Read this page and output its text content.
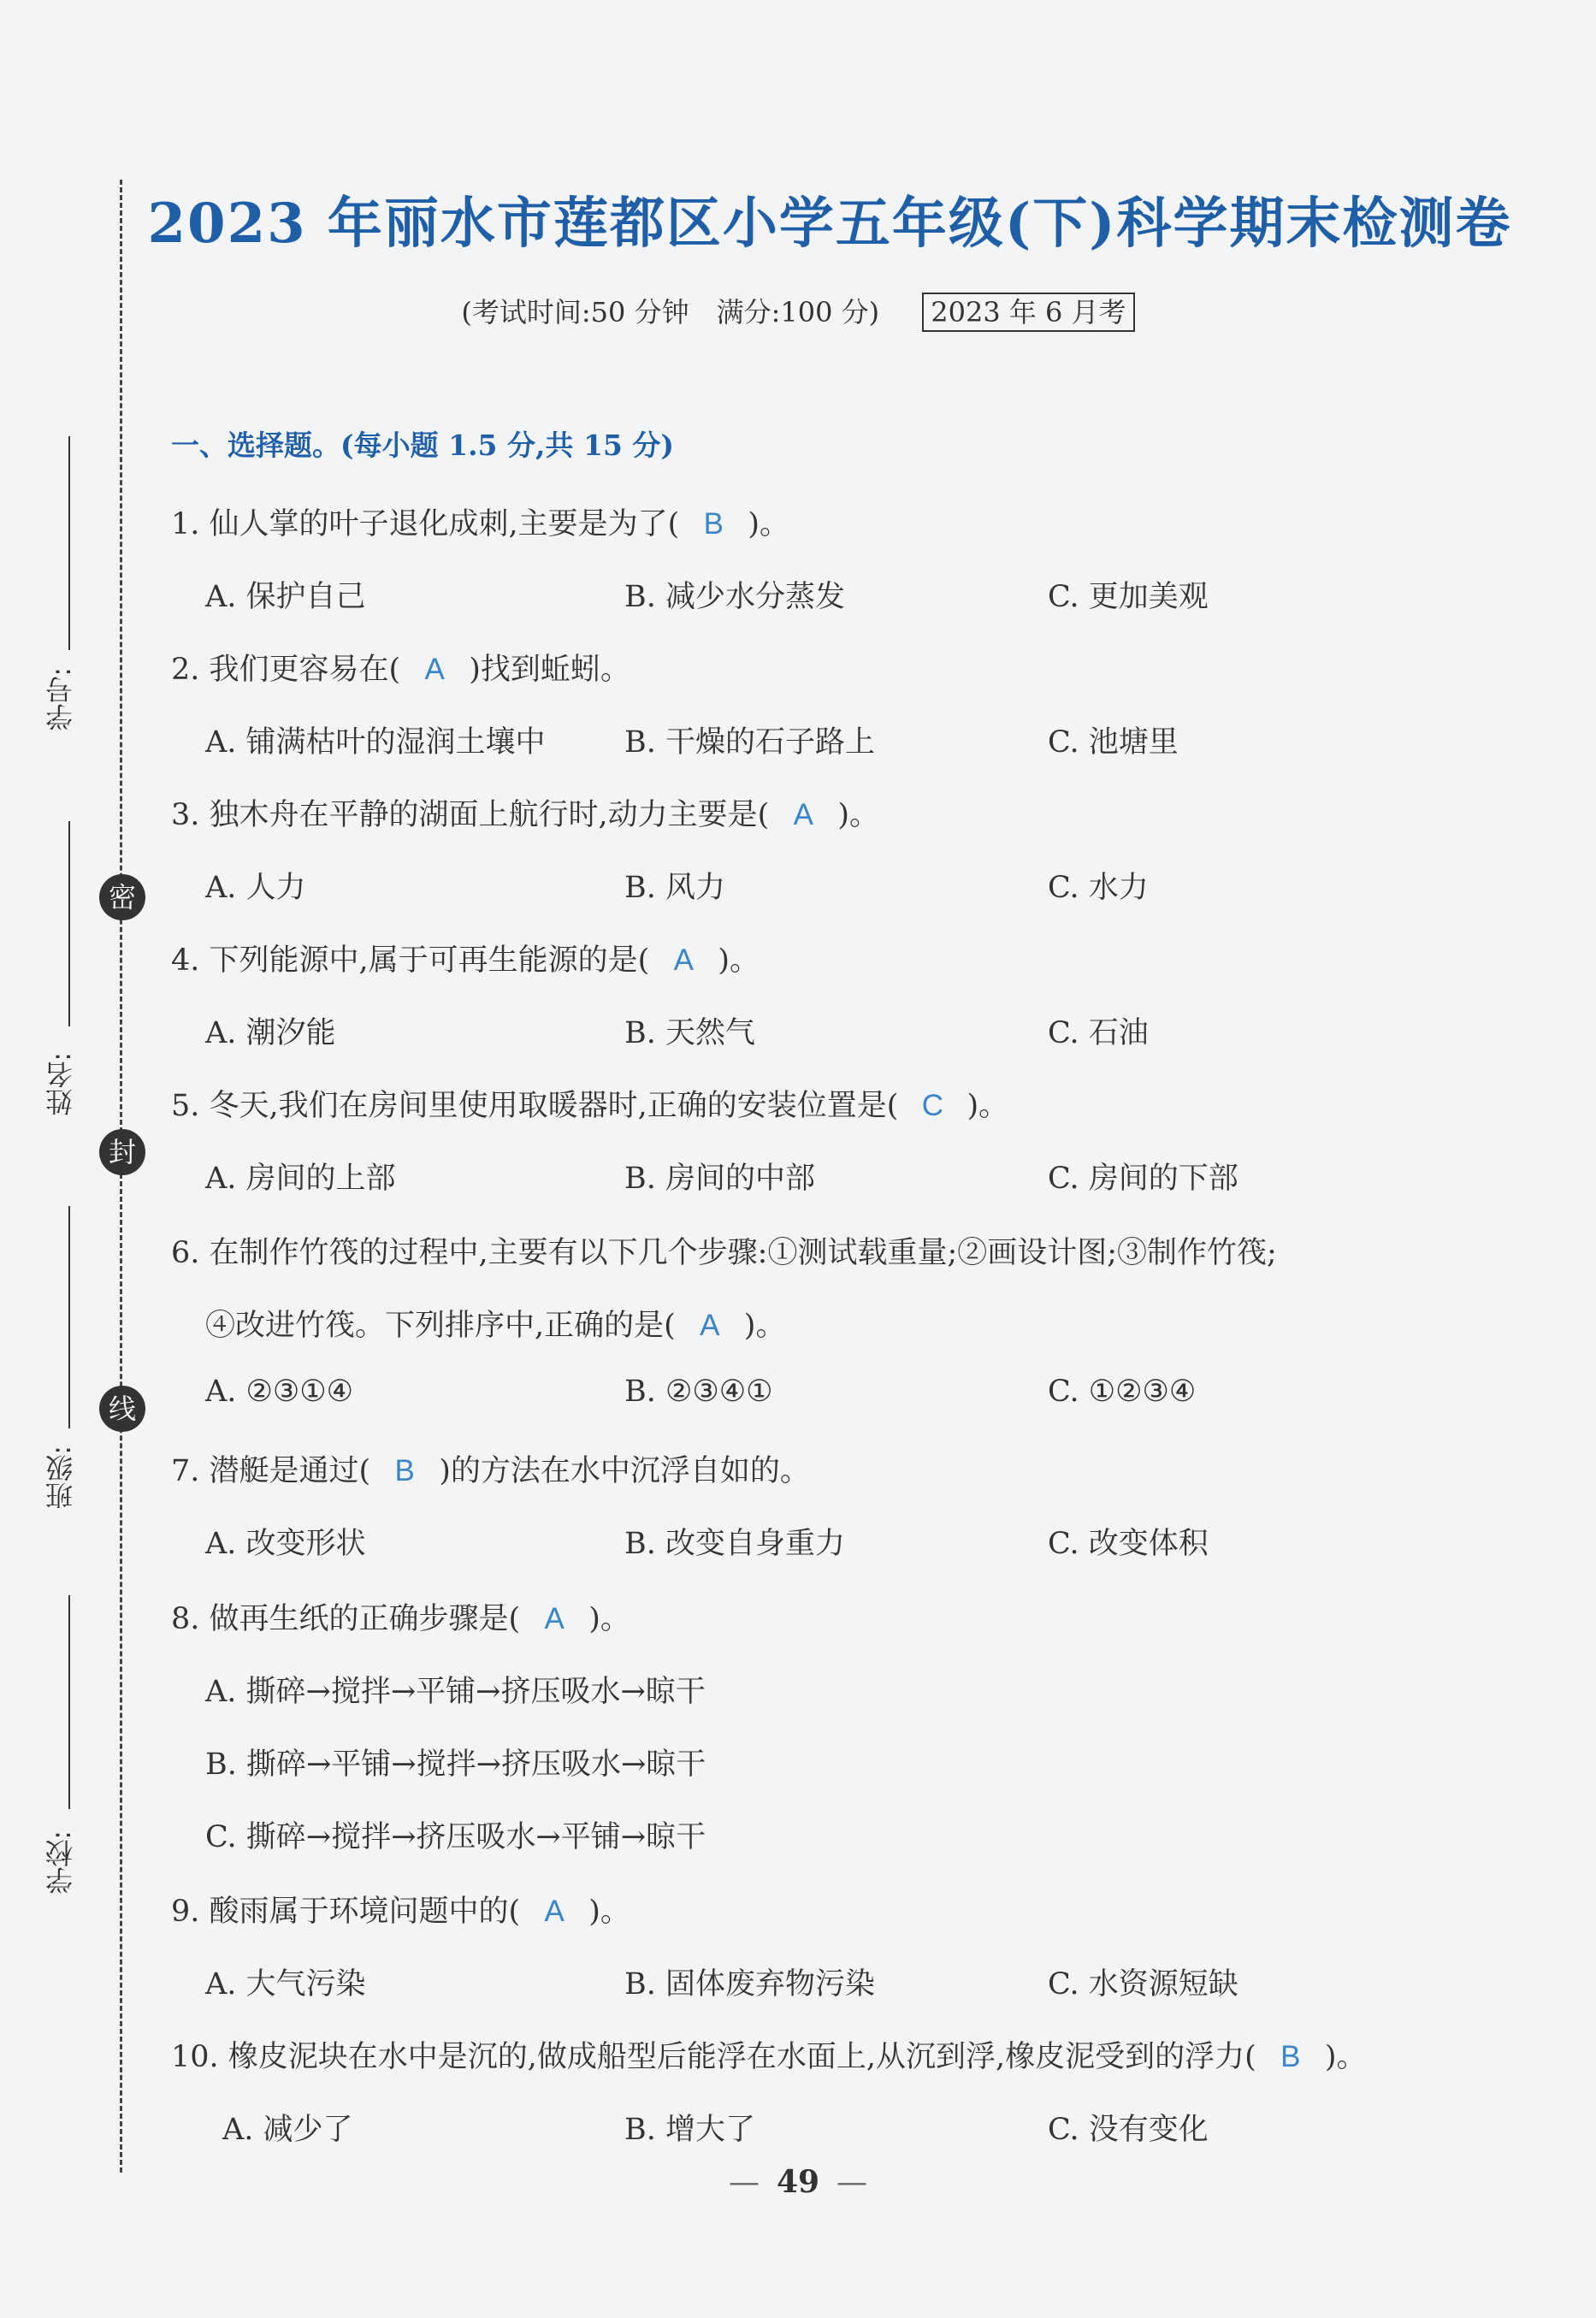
学号:
姓名:
班级:
学校:
密
封
线
2023 年丽水市莲都区小学五年级(下)科学期末检测卷
(考试时间:50 分钟　满分:100 分) 2023 年 6 月考
一、选择题。(每小题 1.5 分,共 15 分)
1. 仙人掌的叶子退化成刺,主要是为了( B )。
A. 保护自己	B. 减少水分蒸发	C. 更加美观
2. 我们更容易在( A )找到蚯蚓。
A. 铺满枯叶的湿润土壤中	B. 干燥的石子路上	C. 池塘里
3. 独木舟在平静的湖面上航行时,动力主要是( A )。
A. 人力	B. 风力	C. 水力
4. 下列能源中,属于可再生能源的是( A )。
A. 潮汐能	B. 天然气	C. 石油
5. 冬天,我们在房间里使用取暖器时,正确的安装位置是( C )。
A. 房间的上部	B. 房间的中部	C. 房间的下部
6. 在制作竹筏的过程中,主要有以下几个步骤:①测试载重量;②画设计图;③制作竹筏;
④改进竹筏。下列排序中,正确的是( A )。
A. ②③①④	B. ②③④①	C. ①②③④
7. 潜艇是通过( B )的方法在水中沉浮自如的。
A. 改变形状	B. 改变自身重力	C. 改变体积
8. 做再生纸的正确步骤是( A )。
A. 撕碎→搅拌→平铺→挤压吸水→晾干
B. 撕碎→平铺→搅拌→挤压吸水→晾干
C. 撕碎→搅拌→挤压吸水→平铺→晾干
9. 酸雨属于环境问题中的( A )。
A. 大气污染	B. 固体废弃物污染	C. 水资源短缺
10. 橡皮泥块在水中是沉的,做成船型后能浮在水面上,从沉到浮,橡皮泥受到的浮力( B )。
A. 减少了	B. 增大了	C. 没有变化
— 49 —
